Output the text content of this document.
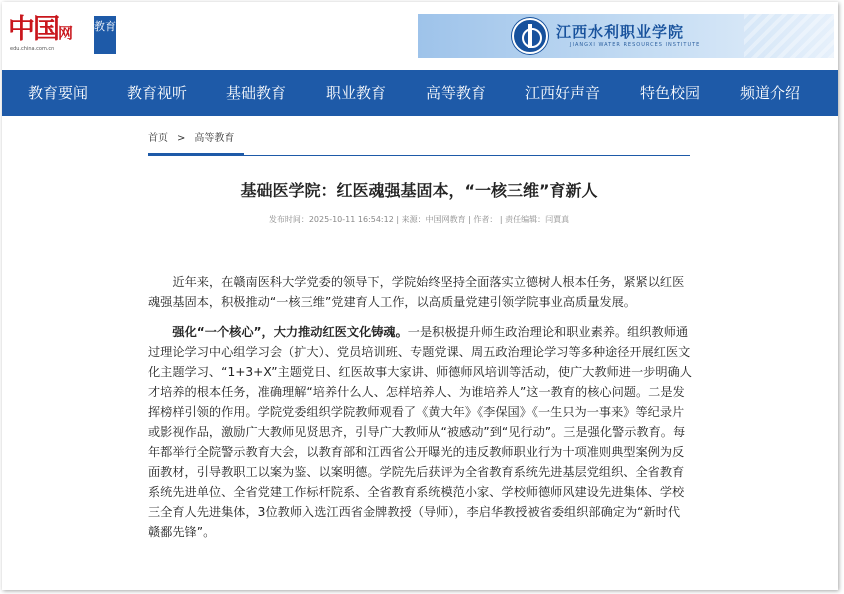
中国网
edu.china.com.cn
教育	江西水利职业学院
JIANGXI WATER RESOURCES INSTITUTE
教育要闻	教育视听	基础教育	职业教育	高等教育	江西好声音	特色校园	频道介绍
首页 > 高等教育
基础医学院：红医魂强基固本，“一核三维”育新人
发布时间：2025-10-11 16:54:12 | 来源：中国网教育 | 作者： | 责任编辑：闫賈真

近年来，在赣南医科大学党委的领导下，学院始终坚持全面落实立德树人根本任务，紧紧以红医魂强基固本，积极推动“一核三维”党建育人工作，以高质量党建引领学院事业高质量发展。

强化“一个核心”，大力推动红医文化铸魂。一是积极提升师生政治理论和职业素养。组织教师通过理论学习中心组学习会（扩大）、党员培训班、专题党课、周五政治理论学习等多种途径开展红医文化主题学习、“1+3+X”主题党日、红医故事大家讲、师德师风培训等活动，使广大教师进一步明确人才培养的根本任务，准确理解“培养什么人、怎样培养人、为谁培养人”这一教育的核心问题。二是发挥榜样引领的作用。学院党委组织学院教师观看了《黄大年》《李保国》《一生只为一事来》等纪录片或影视作品，激励广大教师见贤思齐，引导广大教师从“被感动”到“见行动”。三是强化警示教育。每年都举行全院警示教育大会，以教育部和江西省公开曝光的违反教师职业行为十项准则典型案例为反面教材，引导教职工以案为鉴、以案明德。学院先后获评为全省教育系统先进基层党组织、全省教育系统先进单位、全省党建工作标杆院系、全省教育系统模范小家、学校师德师风建设先进集体、学校三全育人先进集体，3位教师入选江西省金牌教授（导师），李启华教授被省委组织部确定为“新时代赣鄱先锋”。
